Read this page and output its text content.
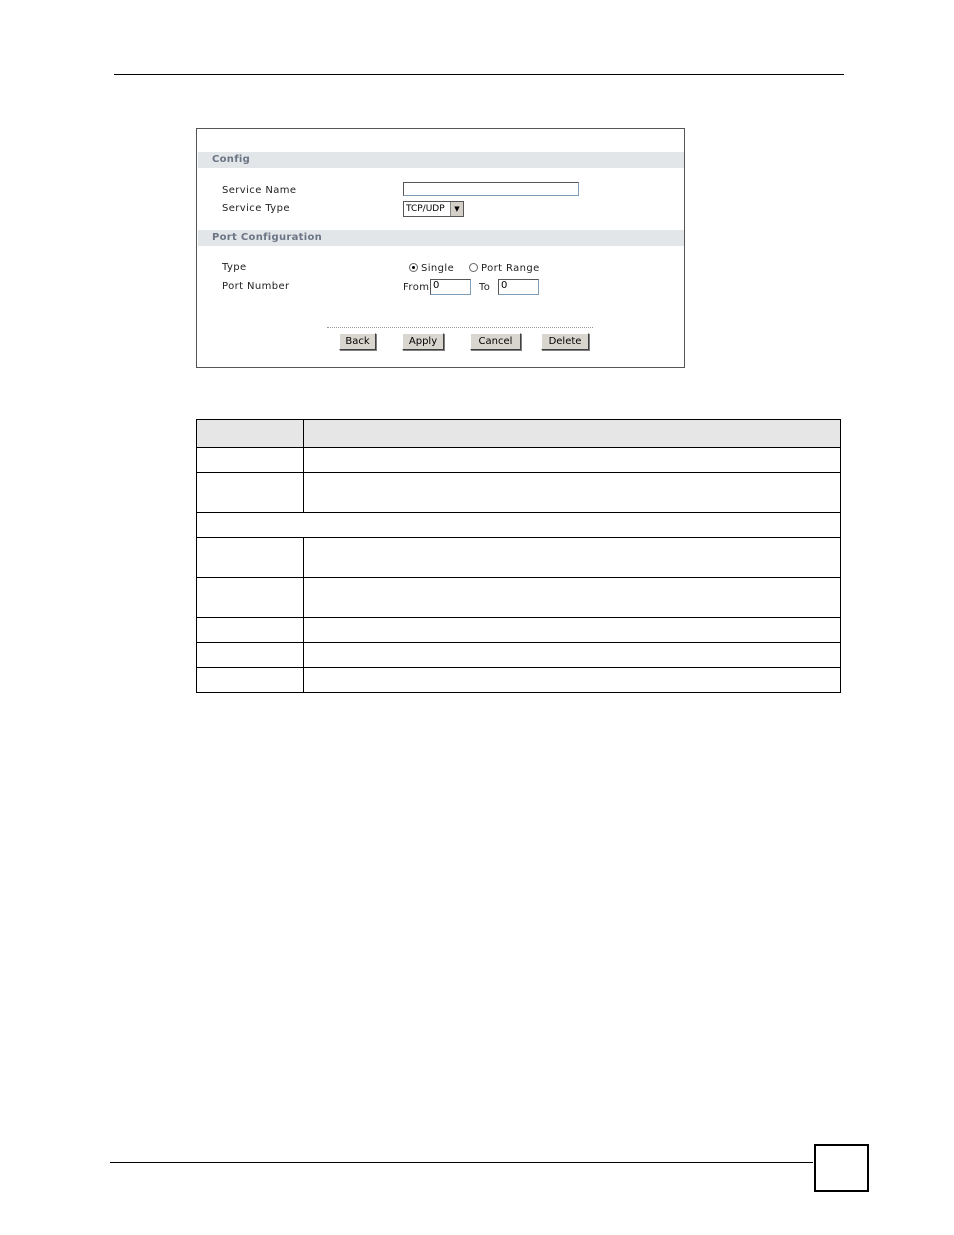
Config
Service Name
Service Type	TCP/UDP	▼
Port Configuration
Type	Single	Port Range
Port Number	From 0	To	0
Back	Apply	Cancel	Delete
